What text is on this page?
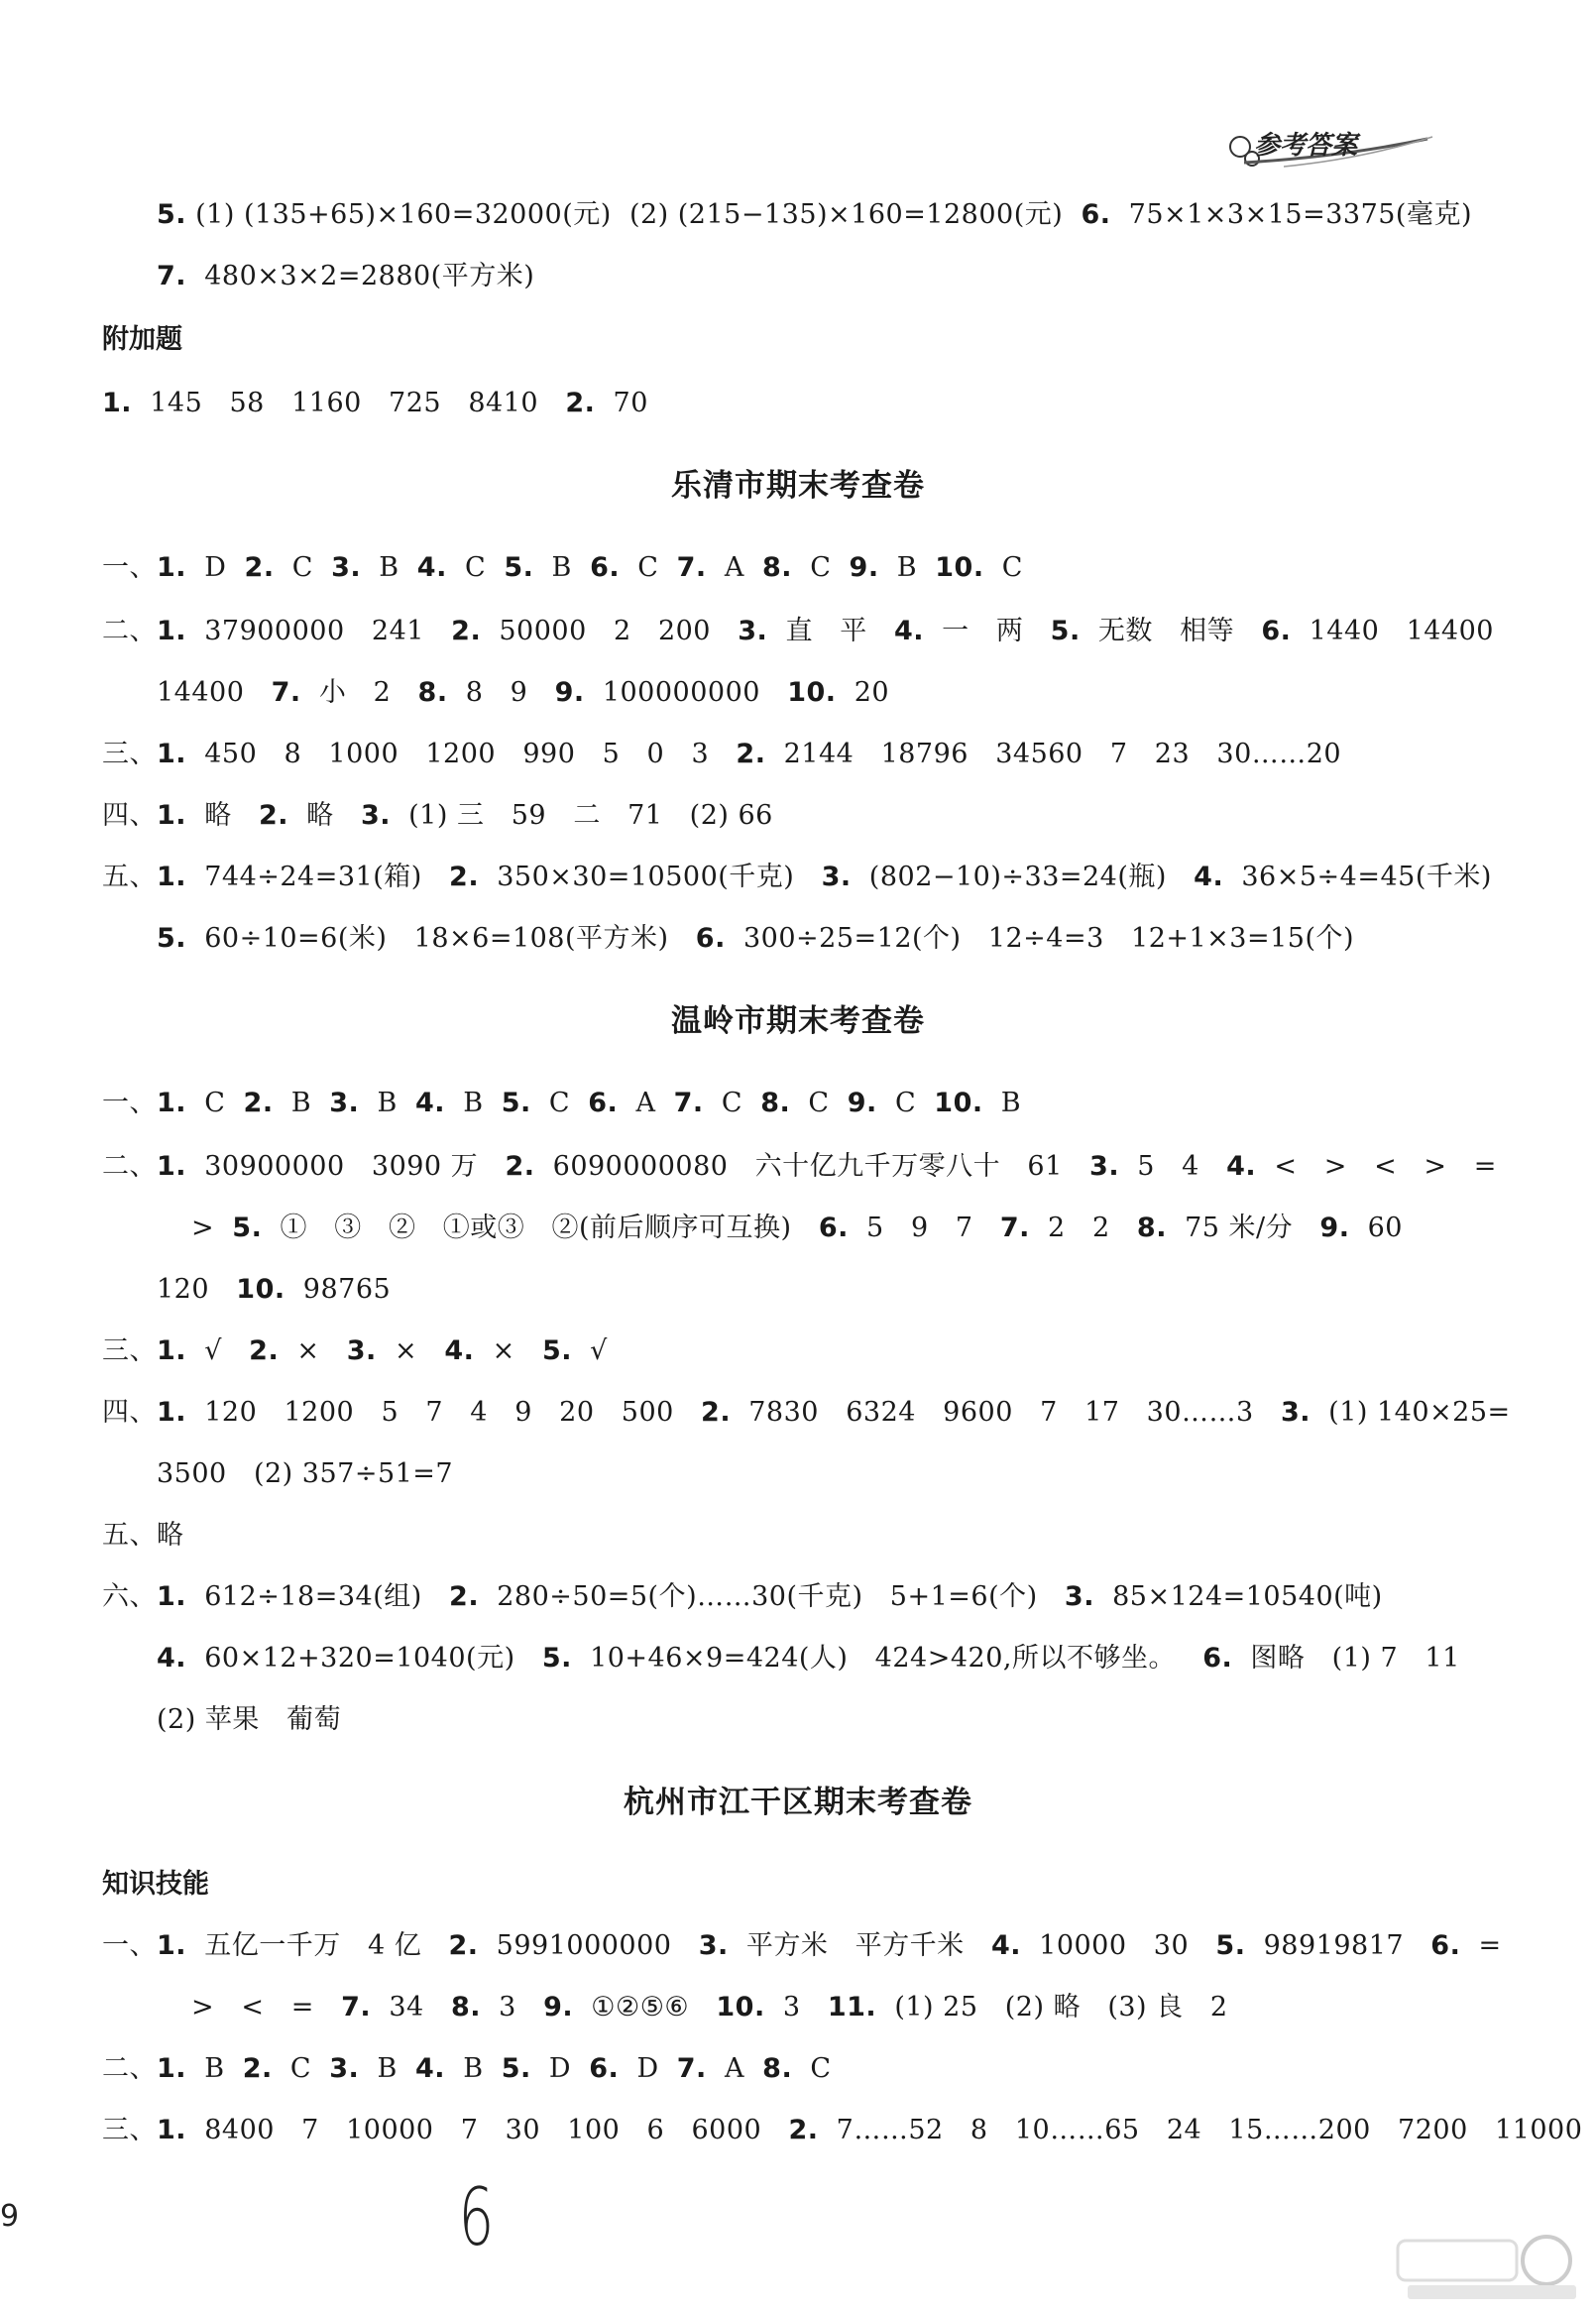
参考答案
5. (1) (135+65)×160=32000(元)  (2) (215−135)×160=12800(元)  6.  75×1×3×15=3375(毫克)
7.  480×3×2=2880(平方米)
附加题
1.  145   58   1160   725   8410   2.  70
乐清市期末考查卷
一、1.  D  2.  C  3.  B  4.  C  5.  B  6.  C  7.  A  8.  C  9.  B  10.  C
二、1.  37900000   241   2.  50000   2   200   3.  直   平   4.  一   两   5.  无数   相等   6.  1440   14400
14400   7.  小   2   8.  8   9   9.  100000000   10.  20
三、1.  450   8   1000   1200   990   5   0   3   2.  2144   18796   34560   7   23   30……20
四、1.  略   2.  略   3.  (1) 三   59   二   71   (2) 66
五、1.  744÷24=31(箱)   2.  350×30=10500(千克)   3.  (802−10)÷33=24(瓶)   4.  36×5÷4=45(千米)
5.  60÷10=6(米)   18×6=108(平方米)   6.  300÷25=12(个)   12÷4=3   12+1×3=15(个)
温岭市期末考查卷
一、1.  C  2.  B  3.  B  4.  B  5.  C  6.  A  7.  C  8.  C  9.  C  10.  B
二、1.  30900000   3090 万   2.  6090000080   六十亿九千万零八十   61   3.  5   4   4.  <   >   <   >   =
>  5.  ①   ③   ②   ①或③   ②(前后顺序可互换)   6.  5   9   7   7.  2   2   8.  75 米/分   9.  60
120   10.  98765
三、1.  √   2.  ×   3.  ×   4.  ×   5.  √
四、1.  120   1200   5   7   4   9   20   500   2.  7830   6324   9600   7   17   30……3   3.  (1) 140×25=
3500   (2) 357÷51=7
五、略
六、1.  612÷18=34(组)   2.  280÷50=5(个)……30(千克)   5+1=6(个)   3.  85×124=10540(吨)
4.  60×12+320=1040(元)   5.  10+46×9=424(人)   424>420,所以不够坐。   6.  图略   (1) 7   11
(2) 苹果   葡萄
杭州市江干区期末考查卷
知识技能
一、1.  五亿一千万   4 亿   2.  5991000000   3.  平方米   平方千米   4.  10000   30   5.  98919817   6.  =
>   <   =   7.  34   8.  3   9.  ①②⑤⑥   10.  3   11.  (1) 25   (2) 略   (3) 良   2
二、1.  B  2.  C  3.  B  4.  B  5.  D  6.  D  7.  A  8.  C
三、1.  8400   7   10000   7   30   100   6   6000   2.  7……52   8   10……65   24   15……200   7200   11000
9	6
